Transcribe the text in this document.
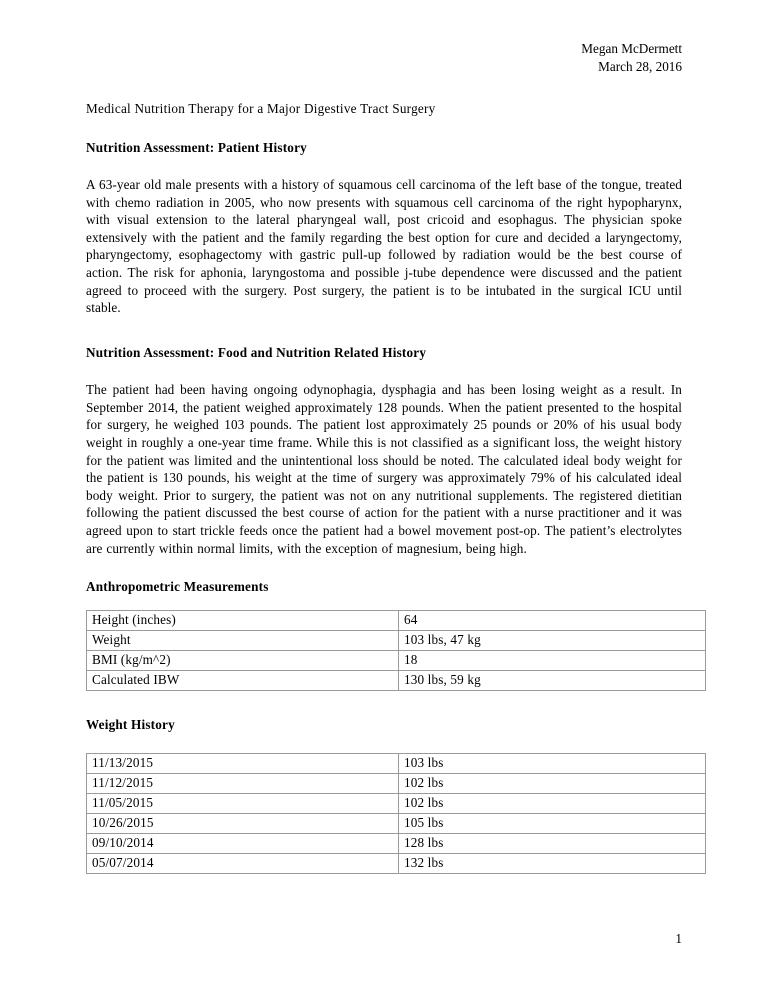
Megan McDermett
March 28, 2016
Medical Nutrition Therapy for a Major Digestive Tract Surgery
Nutrition Assessment: Patient History
A 63-year old male presents with a history of squamous cell carcinoma of the left base of the tongue, treated with chemo radiation in 2005, who now presents with squamous cell carcinoma of the right hypopharynx, with visual extension to the lateral pharyngeal wall, post cricoid and esophagus. The physician spoke extensively with the patient and the family regarding the best option for cure and decided a laryngectomy, pharyngectomy, esophagectomy with gastric pull-up followed by radiation would be the best course of action. The risk for aphonia, laryngostoma and possible j-tube dependence were discussed and the patient agreed to proceed with the surgery. Post surgery, the patient is to be intubated in the surgical ICU until stable.
Nutrition Assessment: Food and Nutrition Related History
The patient had been having ongoing odynophagia, dysphagia and has been losing weight as a result. In September 2014, the patient weighed approximately 128 pounds. When the patient presented to the hospital for surgery, he weighed 103 pounds. The patient lost approximately 25 pounds or 20% of his usual body weight in roughly a one-year time frame. While this is not classified as a significant loss, the weight history for the patient was limited and the unintentional loss should be noted. The calculated ideal body weight for the patient is 130 pounds, his weight at the time of surgery was approximately 79% of his calculated ideal body weight. Prior to surgery, the patient was not on any nutritional supplements. The registered dietitian following the patient discussed the best course of action for the patient with a nurse practitioner and it was agreed upon to start trickle feeds once the patient had a bowel movement post-op. The patient’s electrolytes are currently within normal limits, with the exception of magnesium, being high.
Anthropometric Measurements
Height (inches)	64
Weight	103 lbs, 47 kg
BMI (kg/m^2)	18
Calculated IBW	130 lbs, 59 kg
Weight History
11/13/2015	103 lbs
11/12/2015	102 lbs
11/05/2015	102 lbs
10/26/2015	105 lbs
09/10/2014	128 lbs
05/07/2014	132 lbs
1
